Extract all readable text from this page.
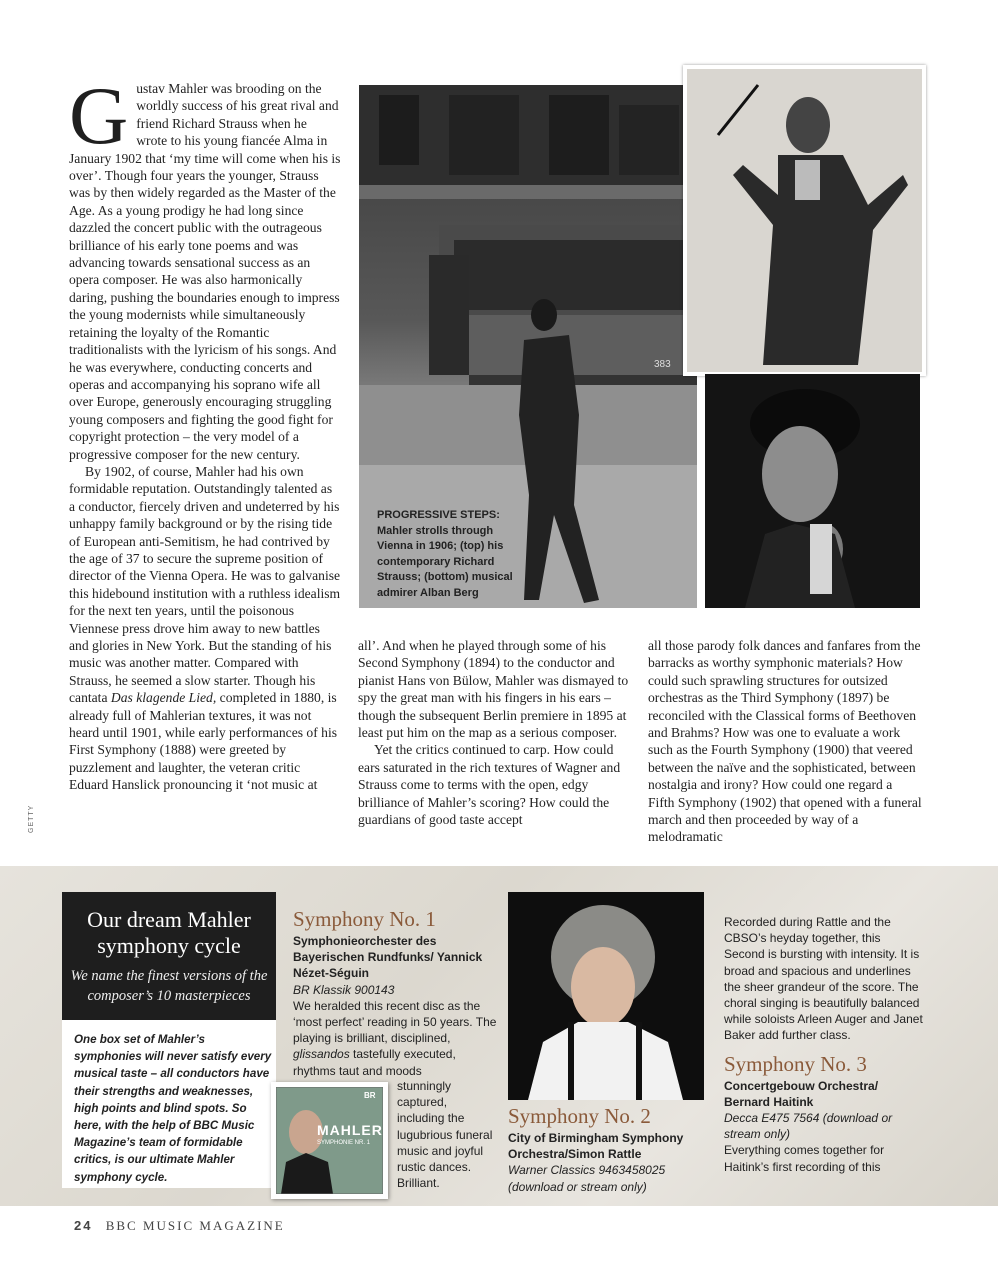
Gustav Mahler was brooding on the worldly success of his great rival and friend Richard Strauss when he wrote to his young fiancée Alma in January 1902 that ‘my time will come when his is over’. Though four years the younger, Strauss was by then widely regarded as the Master of the Age. As a young prodigy he had long since dazzled the concert public with the outrageous brilliance of his early tone poems and was advancing towards sensational success as an opera composer. He was also harmonically daring, pushing the boundaries enough to impress the young modernists while simultaneously retaining the loyalty of the Romantic traditionalists with the lyricism of his songs. And he was everywhere, conducting concerts and operas and accompanying his soprano wife all over Europe, generously encouraging struggling young composers and fighting the good fight for copyright protection – the very model of a progressive composer for the new century.

By 1902, of course, Mahler had his own formidable reputation. Outstandingly talented as a conductor, fiercely driven and undeterred by his unhappy family background or by the rising tide of European anti-Semitism, he had contrived by the age of 37 to secure the supreme position of director of the Vienna Opera. He was to galvanise this hidebound institution with a ruthless idealism for the next ten years, until the poisonous Viennese press drove him away to new battles and glories in New York. But the standing of his music was another matter. Compared with Strauss, he seemed a slow starter. Though his cantata Das klagende Lied, completed in 1880, is already full of Mahlerian textures, it was not heard until 1901, while early performances of his First Symphony (1888) were greeted by puzzlement and laughter, the veteran critic Eduard Hanslick pronouncing it ‘not music at

GETTY
383
PROGRESSIVE STEPS:
Mahler strolls through Vienna in 1906; (top) his contemporary Richard Strauss; (bottom) musical admirer Alban Berg

all’. And when he played through some of his Second Symphony (1894) to the conductor and pianist Hans von Bülow, Mahler was dismayed to spy the great man with his fingers in his ears – though the subsequent Berlin premiere in 1895 at least put him on the map as a serious composer.

Yet the critics continued to carp. How could ears saturated in the rich textures of Wagner and Strauss come to terms with the open, edgy brilliance of Mahler’s scoring? How could the guardians of good taste accept

all those parody folk dances and fanfares from the barracks as worthy symphonic materials? How could such sprawling structures for outsized orchestras as the Third Symphony (1897) be reconciled with the Classical forms of Beethoven and Brahms? How was one to evaluate a work such as the Fourth Symphony (1900) that veered between the naïve and the sophisticated, between nostalgia and irony? How could one regard a Fifth Symphony (1902) that opened with a funeral march and then proceeded by way of a melodramatic

Our dream Mahler symphony cycle
We name the finest versions of the composer’s 10 masterpieces
One box set of Mahler’s symphonies will never satisfy every musical taste – all conductors have their strengths and weaknesses, high points and blind spots. So here, with the help of BBC Music Magazine’s team of formidable critics, is our ultimate Mahler symphony cycle.
Symphony No. 1
Symphonieorchester des Bayerischen Rundfunks/ Yannick Nézet-Séguin
BR Klassik 900143
We heralded this recent disc as the ‘most perfect’ reading in 50 years. The playing is brilliant, disciplined, glissandos tastefully executed, rhythms taut and moods
stunningly captured, including the lugubrious funeral music and joyful rustic dances. Brilliant.
BR
MAHLER
SYMPHONIE NR. 1
Symphony No. 2
City of Birmingham Symphony Orchestra/Simon Rattle
Warner Classics 9463458025 (download or stream only)
Recorded during Rattle and the CBSO’s heyday together, this Second is bursting with intensity. It is broad and spacious and underlines the sheer grandeur of the score. The choral singing is beautifully balanced while soloists Arleen Auger and Janet Baker add further class.
Symphony No. 3
Concertgebouw Orchestra/ Bernard Haitink
Decca E475 7564 (download or stream only)
Everything comes together for Haitink’s first recording of this
24 BBC MUSIC MAGAZINE
